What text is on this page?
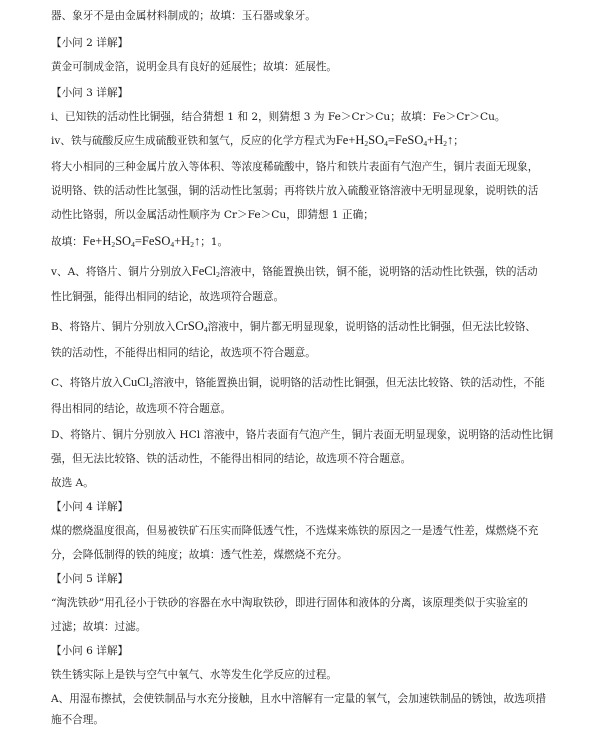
器、象牙不是由金属材料制成的；故填：玉石器或象牙。
【小问 2 详解】
黄金可制成金箔，说明金具有良好的延展性；故填：延展性。
【小问 3 详解】
i、已知铁的活动性比铜强，结合猜想 1 和 2，则猜想 3 为 Fe＞Cr＞Cu；故填：Fe＞Cr＞Cu。
iv、铁与硫酸反应生成硫酸亚铁和氢气，反应的化学方程式为$Fe+H_2SO_4=FeSO_4+H_2↑$；
将大小相同的三种金属片放入等体积、等浓度稀硫酸中，铬片和铁片表面有气泡产生，铜片表面无现象，
说明铬、铁的活动性比氢强，铜的活动性比氢弱；再将铁片放入硫酸亚铬溶液中无明显现象，说明铁的活
动性比铬弱，所以金属活动性顺序为 Cr＞Fe＞Cu，即猜想 1 正确；
故填：$Fe+H_2SO_4=FeSO_4+H_2↑$；1。
v、A、将铬片、铜片分别放入FeCl$_2$溶液中，铬能置换出铁，铜不能，说明铬的活动性比铁强，铁的活动
性比铜强，能得出相同的结论，故选项符合题意。
B、将铬片、铜片分别放入CrSO$_4$溶液中，铜片都无明显现象，说明铬的活动性比铜强，但无法比较铬、
铁的活动性，不能得出相同的结论，故选项不符合题意。
C、将铬片放入CuCl$_2$溶液中，铬能置换出铜，说明铬的活动性比铜强，但无法比较铬、铁的活动性，不能
得出相同的结论，故选项不符合题意。
D、将铬片、铜片分别放入 HCl 溶液中，铬片表面有气泡产生，铜片表面无明显现象，说明铬的活动性比铜
强，但无法比较铬、铁的活动性，不能得出相同的结论，故选项不符合题意。
故选 A。
【小问 4 详解】
煤的燃烧温度很高，但易被铁矿石压实而降低透气性，不选煤来炼铁的原因之一是透气性差，煤燃烧不充
分，会降低制得的铁的纯度；故填：透气性差，煤燃烧不充分。
【小问 5 详解】
“淘洗铁砂”用孔径小于铁砂的容器在水中淘取铁砂，即进行固体和液体的分离，该原理类似于实验室的
过滤；故填：过滤。
【小问 6 详解】
铁生锈实际上是铁与空气中氧气、水等发生化学反应的过程。
A、用湿布擦拭，会使铁制品与水充分接触，且水中溶解有一定量的氧气，会加速铁制品的锈蚀，故选项措
施不合理。
